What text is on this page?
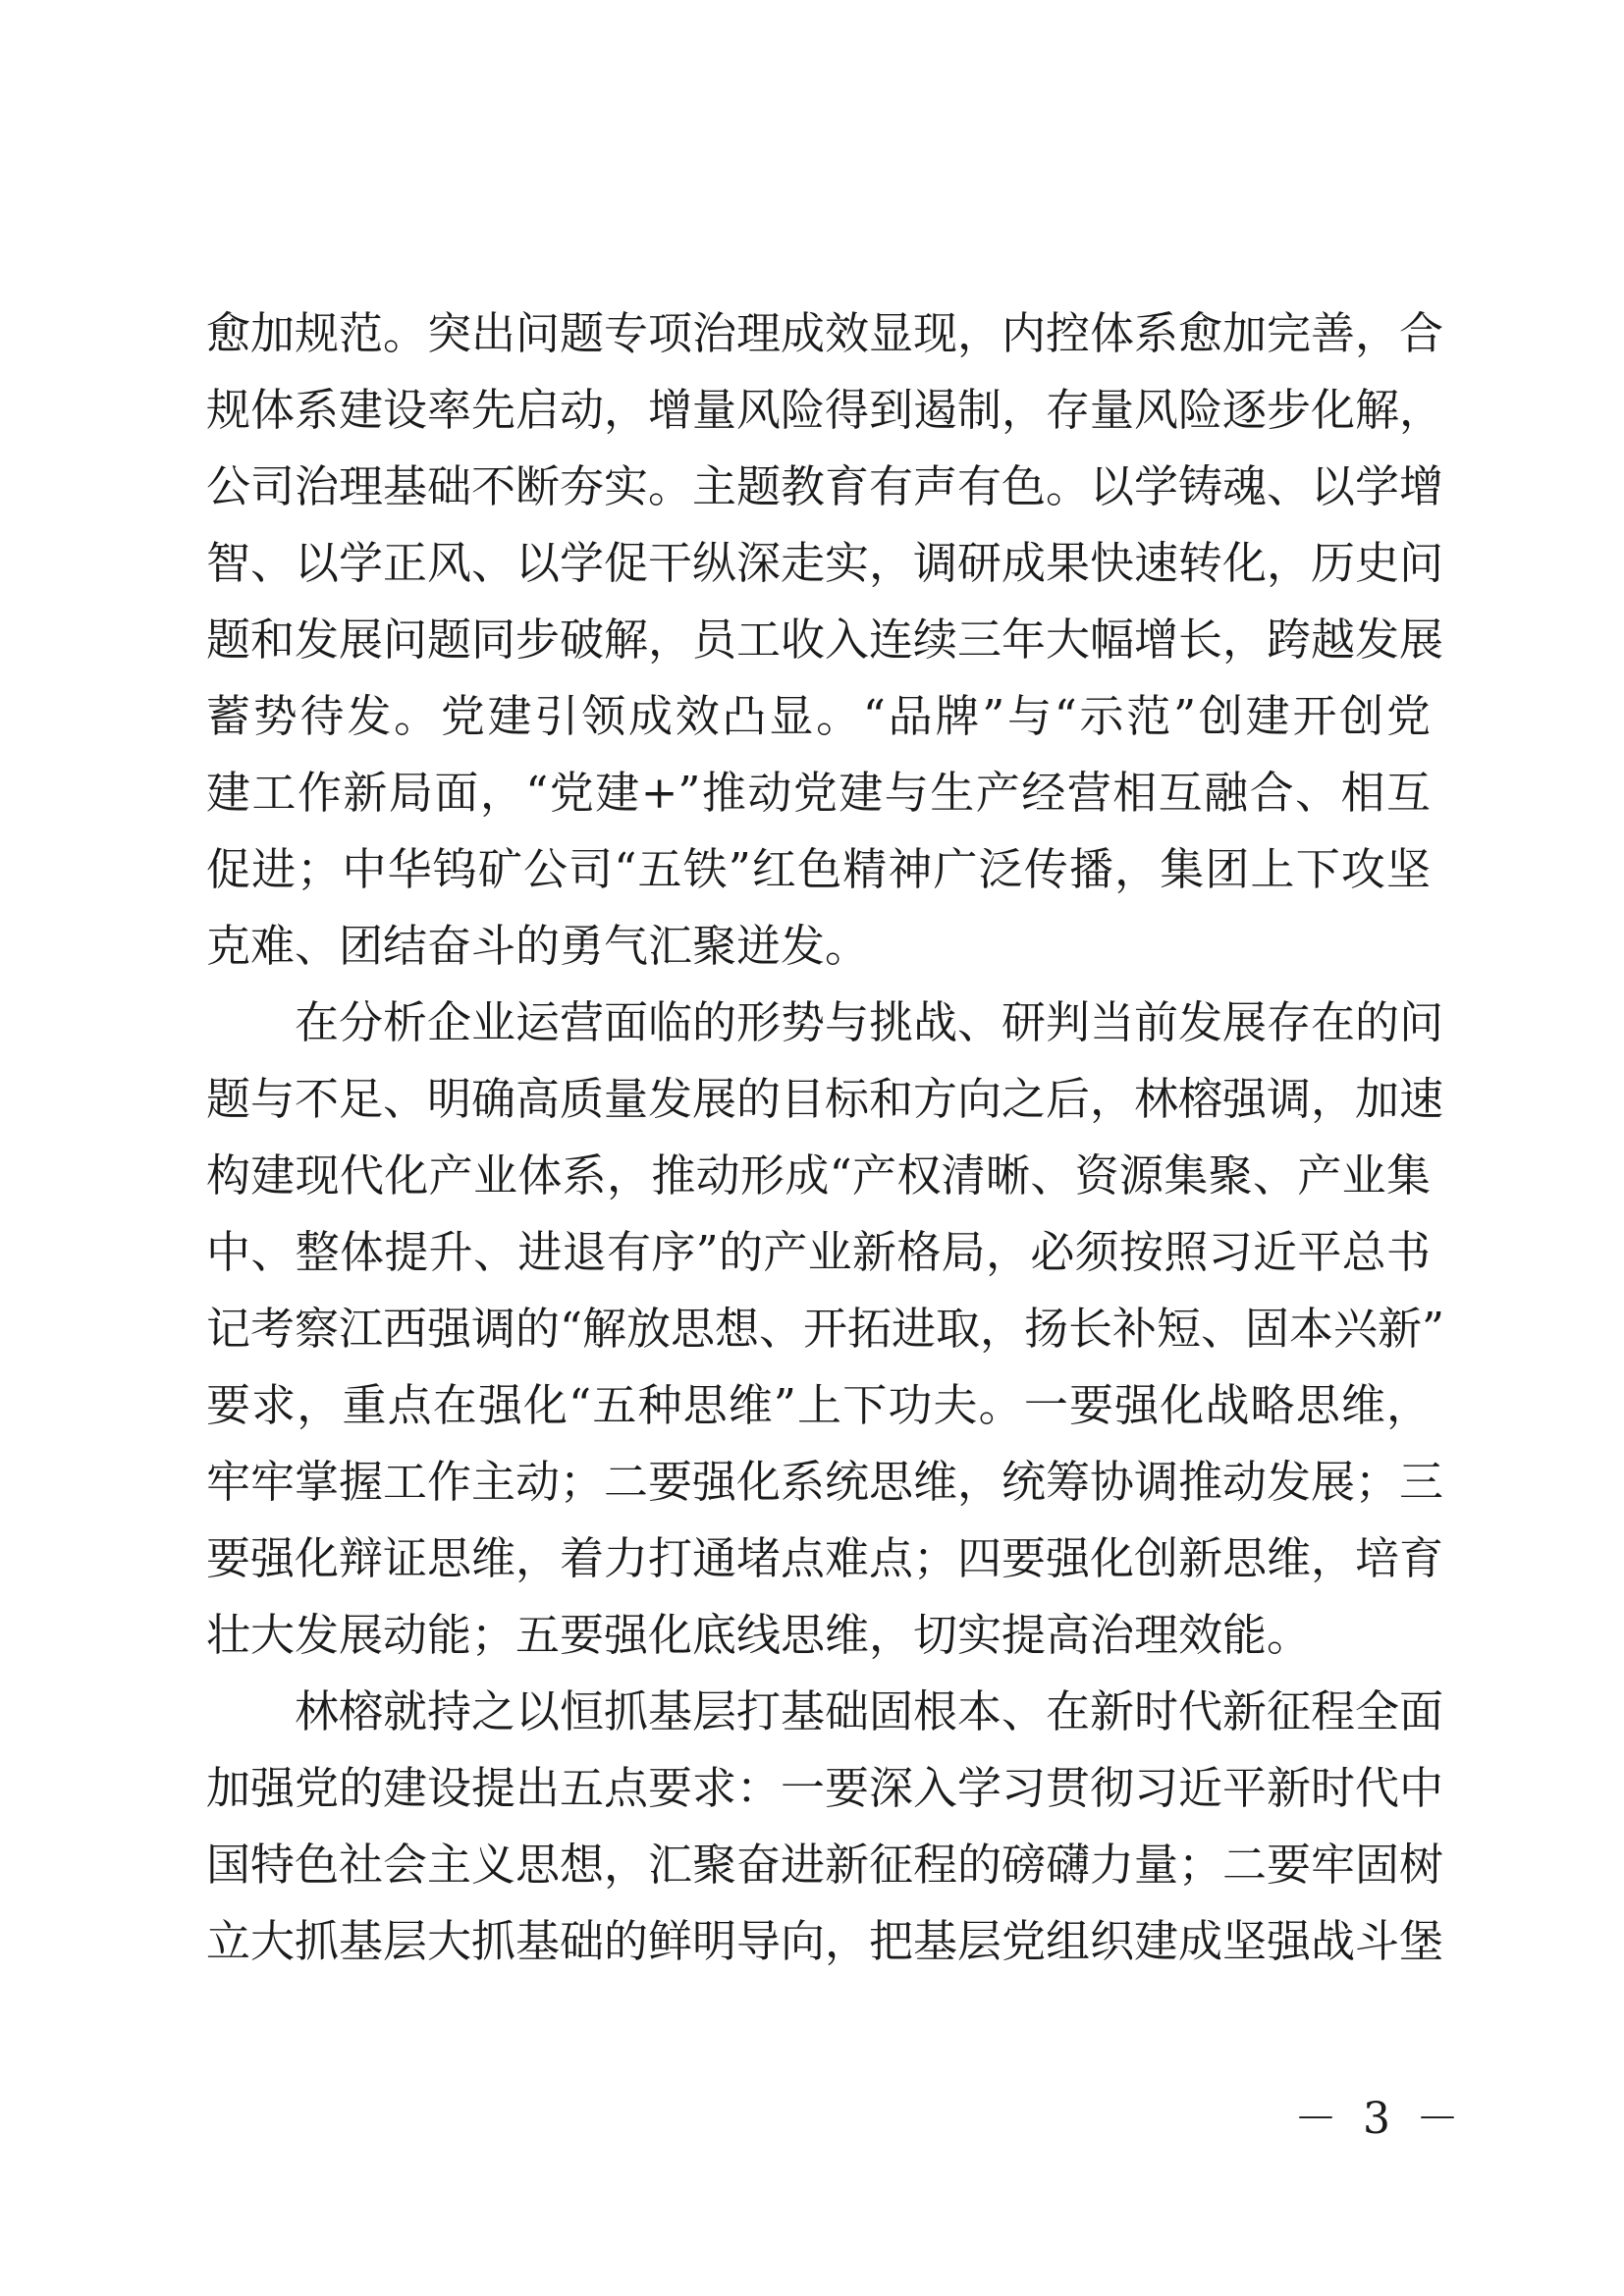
愈加规范。突出问题专项治理成效显现，内控体系愈加完善，合
规体系建设率先启动，增量风险得到遏制，存量风险逐步化解，
公司治理基础不断夯实。主题教育有声有色。以学铸魂、以学增
智、以学正风、以学促干纵深走实，调研成果快速转化，历史问
题和发展问题同步破解，员工收入连续三年大幅增长，跨越发展
蓄势待发。党建引领成效凸显。“品牌”与“示范”创建开创党
建工作新局面，“党建+”推动党建与生产经营相互融合、相互
促进；中华钨矿公司“五铁”红色精神广泛传播，集团上下攻坚
克难、团结奋斗的勇气汇聚迸发。
在分析企业运营面临的形势与挑战、研判当前发展存在的问
题与不足、明确高质量发展的目标和方向之后，林榕强调，加速
构建现代化产业体系，推动形成“产权清晰、资源集聚、产业集
中、整体提升、进退有序”的产业新格局，必须按照习近平总书
记考察江西强调的“解放思想、开拓进取，扬长补短、固本兴新”
要求，重点在强化“五种思维”上下功夫。一要强化战略思维，
牢牢掌握工作主动；二要强化系统思维，统筹协调推动发展；三
要强化辩证思维，着力打通堵点难点；四要强化创新思维，培育
壮大发展动能；五要强化底线思维，切实提高治理效能。
林榕就持之以恒抓基层打基础固根本、在新时代新征程全面
加强党的建设提出五点要求：一要深入学习贯彻习近平新时代中
国特色社会主义思想，汇聚奋进新征程的磅礴力量；二要牢固树
立大抓基层大抓基础的鲜明导向，把基层党组织建成坚强战斗堡
－ 3 －
